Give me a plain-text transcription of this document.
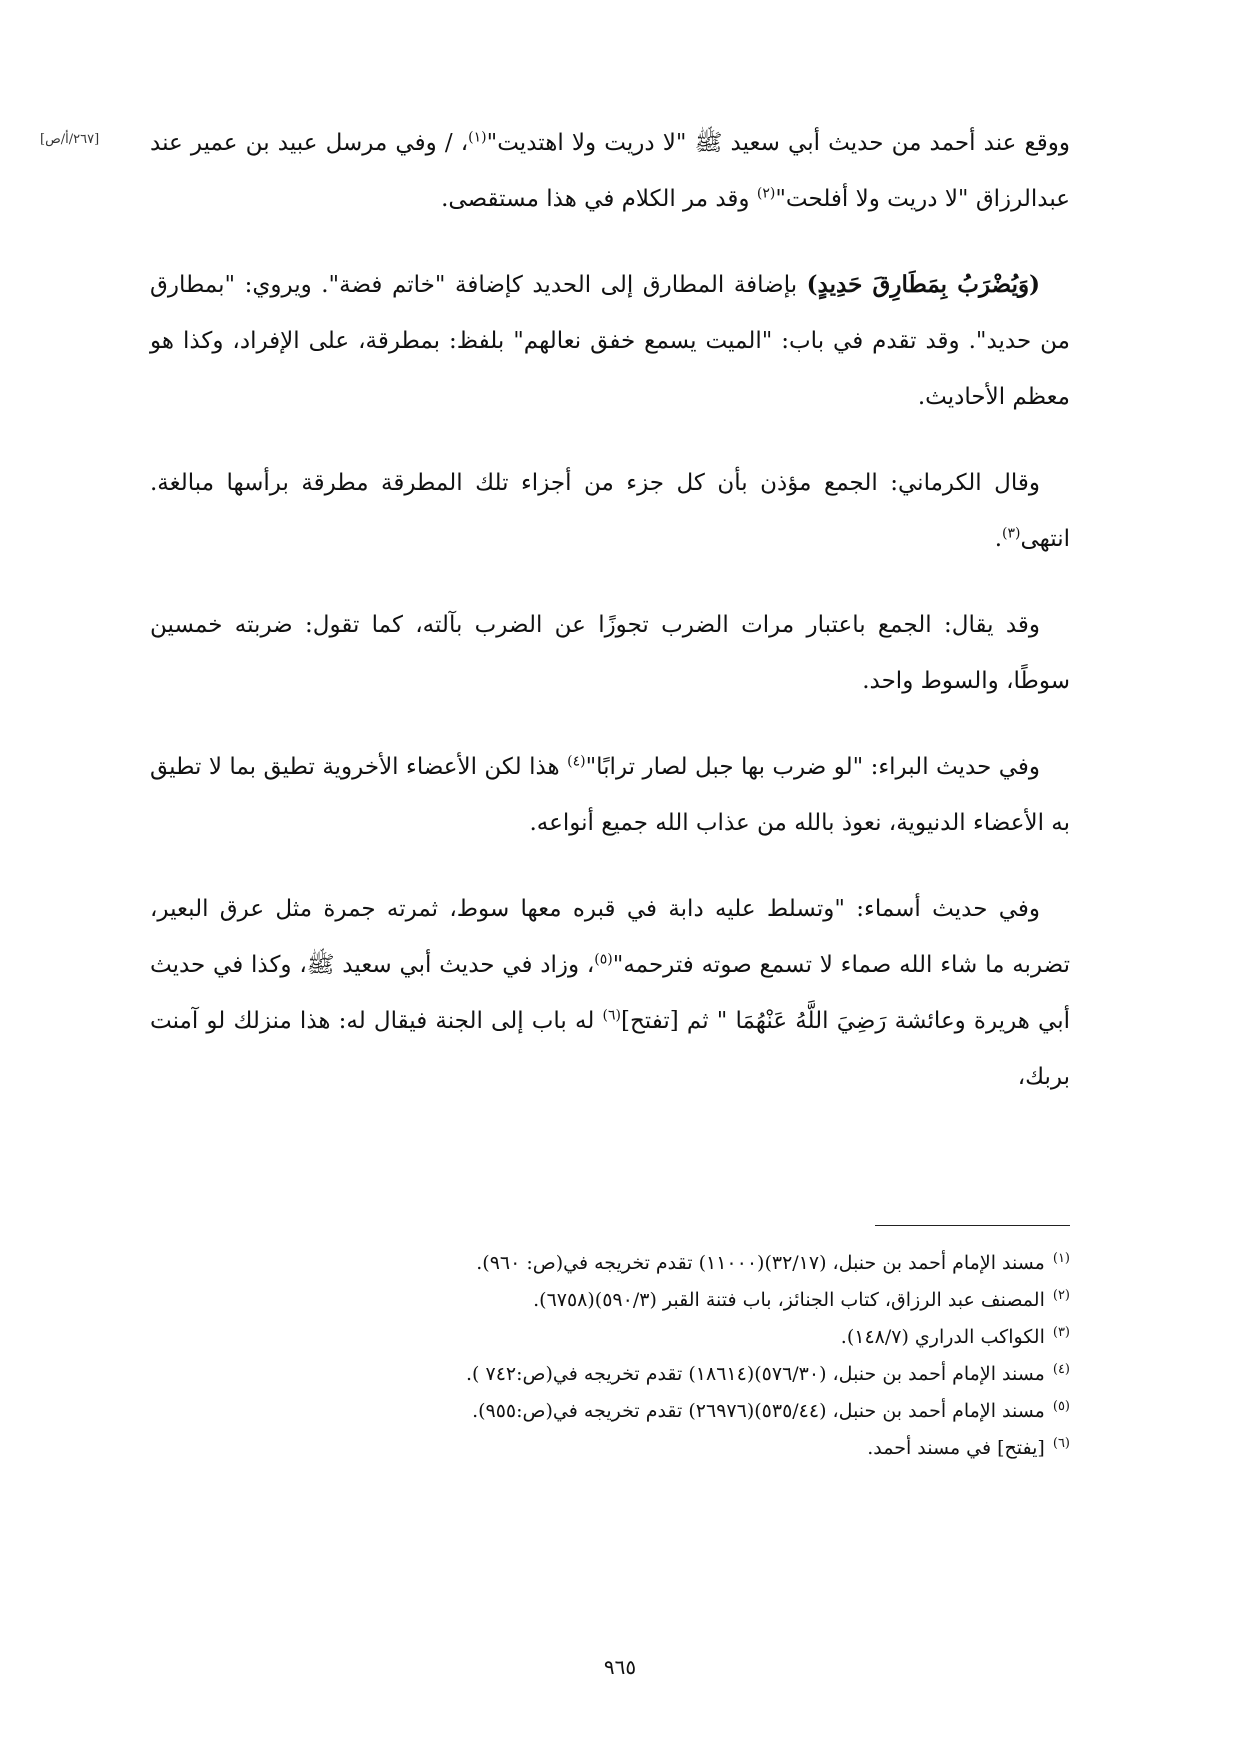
[٢٦٧/أ/ص]	ووقع عند أحمد من حديث أبي سعيد ﷺ "لا دريت ولا اهتديت"$^{(١)}$، / وفي مرسل عبيد بن عمير عند عبدالرزاق "لا دريت ولا أفلحت"$^{(٢)}$ وقد مر الكلام في هذا مستقصى.

(وَيُضْرَبُ بِمَطَارِقَ حَدِيدٍ) بإضافة المطارق إلى الحديد كإضافة "خاتم فضة". ويروي: "بمطارق من حديد". وقد تقدم في باب: "الميت يسمع خفق نعالهم" بلفظ: بمطرقة، على الإفراد، وكذا هو معظم الأحاديث.

وقال الكرماني: الجمع مؤذن بأن كل جزء من أجزاء تلك المطرقة مطرقة برأسها مبالغة. انتهى$^{(٣)}$.

وقد يقال: الجمع باعتبار مرات الضرب تجوزًا عن الضرب بآلته، كما تقول: ضربته خمسين سوطًا، والسوط واحد.

وفي حديث البراء: "لو ضرب بها جبل لصار ترابًا"$^{(٤)}$ هذا لكن الأعضاء الأخروية تطيق بما لا تطيق به الأعضاء الدنيوية، نعوذ بالله من عذاب الله جميع أنواعه.

وفي حديث أسماء: "وتسلط عليه دابة في قبره معها سوط، ثمرته جمرة مثل عرق البعير، تضربه ما شاء الله صماء لا تسمع صوته فترحمه"$^{(٥)}$، وزاد في حديث أبي سعيد ﷺ، وكذا في حديث أبي هريرة وعائشة رَضِيَ اللَّهُ عَنْهُمَا " ثم [تفتح]$^{(٦)}$ له باب إلى الجنة فيقال له: هذا منزلك لو آمنت بربك،

$^{(١)}$مسند الإمام أحمد بن حنبل، (٣٢/١٧)(١١٠٠٠) تقدم تخريجه في(ص: ٩٦٠).

$^{(٢)}$المصنف عبد الرزاق، كتاب الجنائز، باب فتنة القبر (٥٩٠/٣)(٦٧٥٨).

$^{(٣)}$الكواكب الدراري (١٤٨/٧).

$^{(٤)}$مسند الإمام أحمد بن حنبل، (٥٧٦/٣٠)(١٨٦١٤) تقدم تخريجه في(ص:٧٤٢ ).

$^{(٥)}$مسند الإمام أحمد بن حنبل، (٥٣٥/٤٤)(٢٦٩٧٦) تقدم تخريجه في(ص:٩٥٥).

$^{(٦)}$[يفتح] في مسند أحمد.

٩٦٥
